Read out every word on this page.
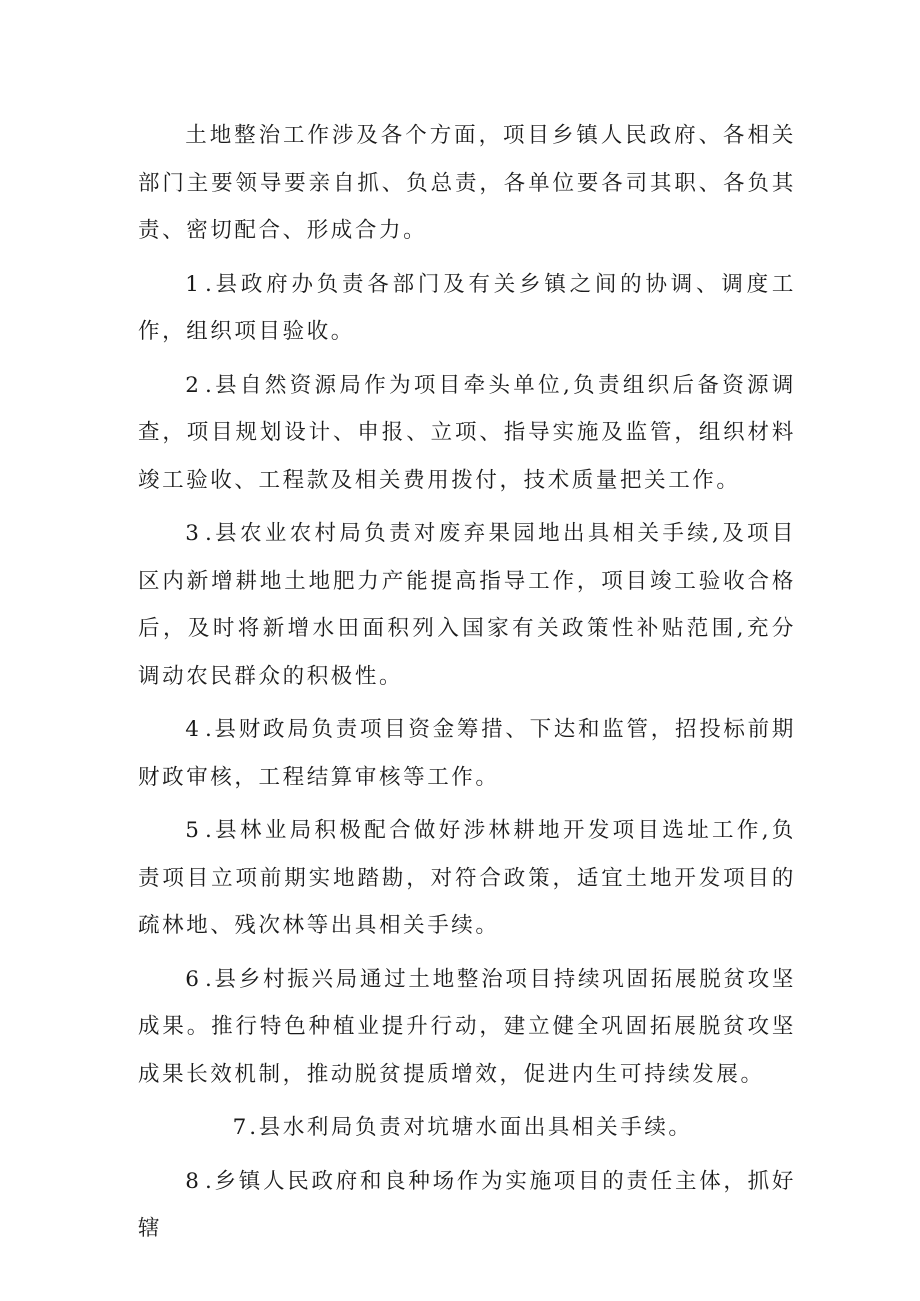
土地整治工作涉及各个方面，项目乡镇人民政府、各相关部门主要领导要亲自抓、负总责，各单位要各司其职、各负其责、密切配合、形成合力。

1.县政府办负责各部门及有关乡镇之间的协调、调度工作，组织项目验收。

2.县自然资源局作为项目牵头单位,负责组织后备资源调查，项目规划设计、申报、立项、指导实施及监管，组织材料竣工验收、工程款及相关费用拨付，技术质量把关工作。

3.县农业农村局负责对废弃果园地出具相关手续,及项目区内新增耕地土地肥力产能提高指导工作，项目竣工验收合格后，及时将新增水田面积列入国家有关政策性补贴范围,充分调动农民群众的积极性。

4.县财政局负责项目资金筹措、下达和监管，招投标前期财政审核，工程结算审核等工作。

5.县林业局积极配合做好涉林耕地开发项目选址工作,负责项目立项前期实地踏勘，对符合政策，适宜土地开发项目的疏林地、残次林等出具相关手续。

6.县乡村振兴局通过土地整治项目持续巩固拓展脱贫攻坚成果。推行特色种植业提升行动，建立健全巩固拓展脱贫攻坚成果长效机制，推动脱贫提质增效，促进内生可持续发展。

7 .县水利局负责对坑塘水面出具相关手续。

8.乡镇人民政府和良种场作为实施项目的责任主体，抓好辖
